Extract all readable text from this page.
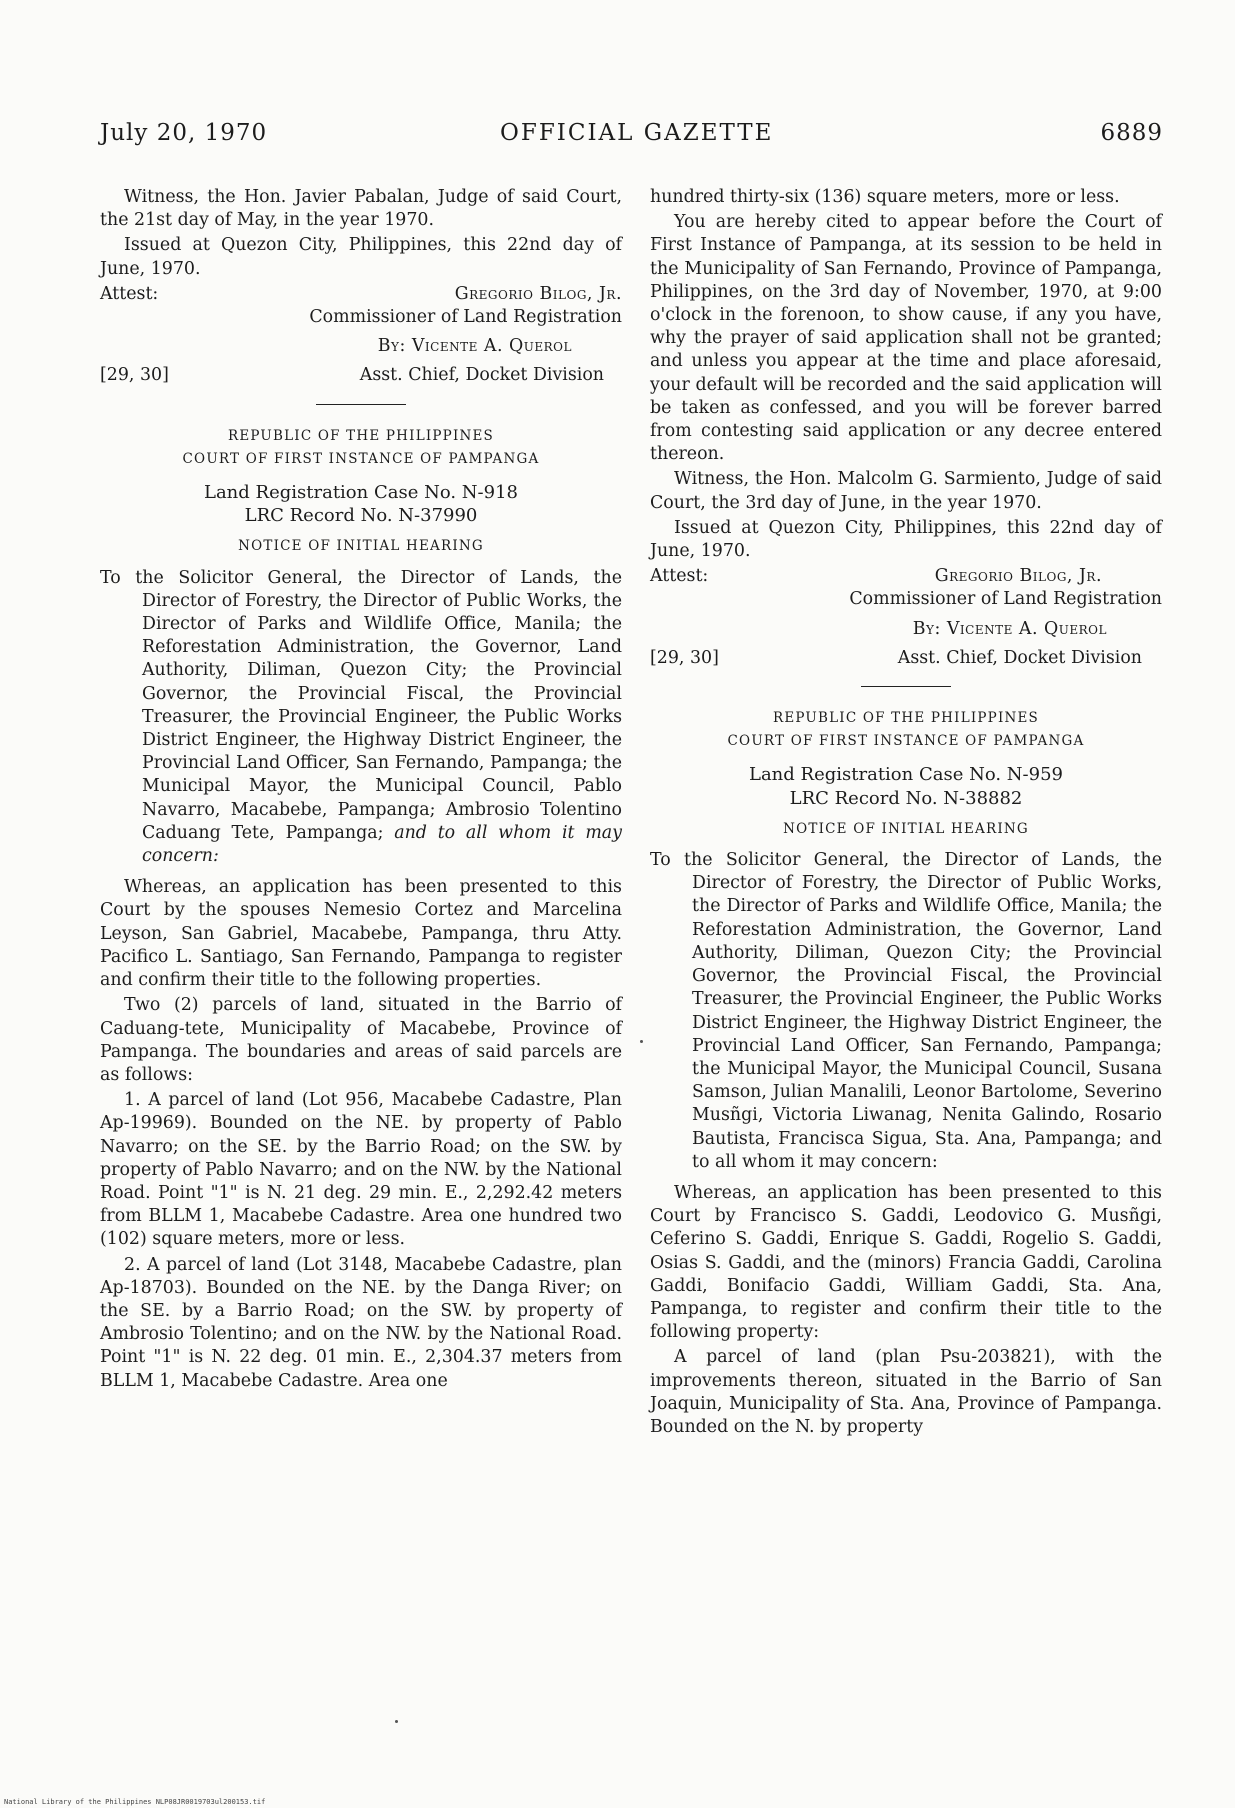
July 20, 1970	OFFICIAL GAZETTE	6889

Witness, the Hon. Javier Pabalan, Judge of said Court, the 21st day of May, in the year 1970.

Issued at Quezon City, Philippines, this 22nd day of June, 1970.

Attest:	Gregorio Bilog, Jr.
Commissioner of Land Registration
By: Vicente A. Querol
[29, 30]	Asst. Chief, Docket Division
REPUBLIC OF THE PHILIPPINES
COURT OF FIRST INSTANCE OF PAMPANGA
Land Registration Case No. N-918
LRC Record No. N-37990
NOTICE OF INITIAL HEARING
To the Solicitor General, the Director of Lands, the Director of Forestry, the Director of Public Works, the Director of Parks and Wildlife Office, Manila; the Reforestation Administration, the Governor, Land Authority, Diliman, Quezon City; the Provincial Governor, the Provincial Fiscal, the Provincial Treasurer, the Provincial Engineer, the Public Works District Engineer, the Highway District Engineer, the Provincial Land Officer, San Fernando, Pampanga; the Municipal Mayor, the Municipal Council, Pablo Navarro, Macabebe, Pampanga; Ambrosio Tolentino Caduang Tete, Pampanga; and to all whom it may concern:

Whereas, an application has been presented to this Court by the spouses Nemesio Cortez and Marcelina Leyson, San Gabriel, Macabebe, Pampanga, thru Atty. Pacifico L. Santiago, San Fernando, Pampanga to register and confirm their title to the following properties.

Two (2) parcels of land, situated in the Barrio of Caduang-tete, Municipality of Macabebe, Province of Pampanga. The boundaries and areas of said parcels are as follows:

1. A parcel of land (Lot 956, Macabebe Cadastre, Plan Ap-19969). Bounded on the NE. by property of Pablo Navarro; on the SE. by the Barrio Road; on the SW. by property of Pablo Navarro; and on the NW. by the National Road. Point "1" is N. 21 deg. 29 min. E., 2,292.42 meters from BLLM 1, Macabebe Cadastre. Area one hundred two (102) square meters, more or less.

2. A parcel of land (Lot 3148, Macabebe Cadastre, plan Ap-18703). Bounded on the NE. by the Danga River; on the SE. by a Barrio Road; on the SW. by property of Ambrosio Tolentino; and on the NW. by the National Road. Point "1" is N. 22 deg. 01 min. E., 2,304.37 meters from BLLM 1, Macabebe Cadastre. Area one

hundred thirty-six (136) square meters, more or less.

You are hereby cited to appear before the Court of First Instance of Pampanga, at its session to be held in the Municipality of San Fernando, Province of Pampanga, Philippines, on the 3rd day of November, 1970, at 9:00 o'clock in the forenoon, to show cause, if any you have, why the prayer of said application shall not be granted; and unless you appear at the time and place aforesaid, your default will be recorded and the said application will be taken as confessed, and you will be forever barred from contesting said application or any decree entered thereon.

Witness, the Hon. Malcolm G. Sarmiento, Judge of said Court, the 3rd day of June, in the year 1970.

Issued at Quezon City, Philippines, this 22nd day of June, 1970.

Attest:	Gregorio Bilog, Jr.
Commissioner of Land Registration
By: Vicente A. Querol
[29, 30]	Asst. Chief, Docket Division
REPUBLIC OF THE PHILIPPINES
COURT OF FIRST INSTANCE OF PAMPANGA
Land Registration Case No. N-959
LRC Record No. N-38882
NOTICE OF INITIAL HEARING
To the Solicitor General, the Director of Lands, the Director of Forestry, the Director of Public Works, the Director of Parks and Wildlife Office, Manila; the Reforestation Administration, the Governor, Land Authority, Diliman, Quezon City; the Provincial Governor, the Provincial Fiscal, the Provincial Treasurer, the Provincial Engineer, the Public Works District Engineer, the Highway District Engineer, the Provincial Land Officer, San Fernando, Pampanga; the Municipal Mayor, the Municipal Council, Susana Samson, Julian Manalili, Leonor Bartolome, Severino Musñgi, Victoria Liwanag, Nenita Galindo, Rosario Bautista, Francisca Sigua, Sta. Ana, Pampanga; and to all whom it may concern:

Whereas, an application has been presented to this Court by Francisco S. Gaddi, Leodovico G. Musñgi, Ceferino S. Gaddi, Enrique S. Gaddi, Rogelio S. Gaddi, Osias S. Gaddi, and the (minors) Francia Gaddi, Carolina Gaddi, Bonifacio Gaddi, William Gaddi, Sta. Ana, Pampanga, to register and confirm their title to the following property:

A parcel of land (plan Psu-203821), with the improvements thereon, situated in the Barrio of San Joaquin, Municipality of Sta. Ana, Province of Pampanga. Bounded on the N. by property

National Library of the Philippines NLP08JR0019703ul200153.tif
